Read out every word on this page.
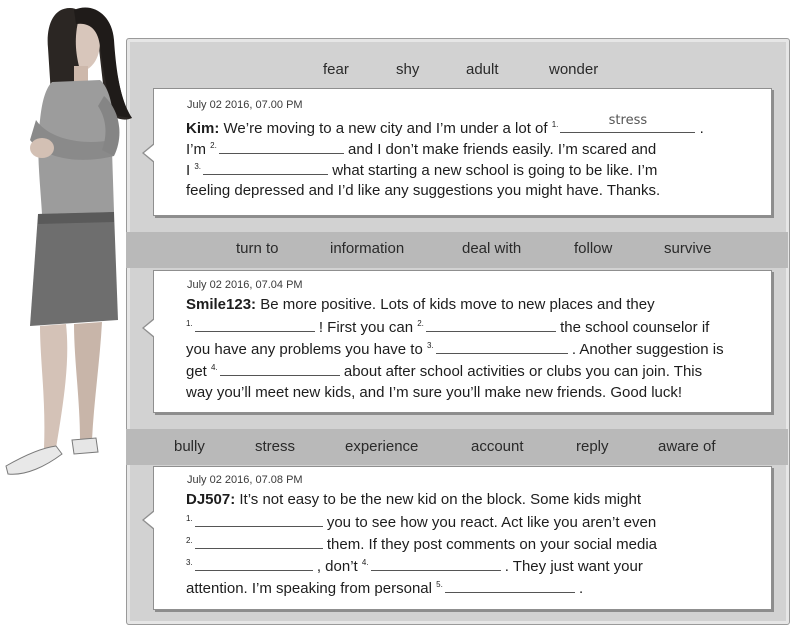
fear	shy	adult	wonder
July 02 2016, 07.00 PM
Kim: We’re moving to a new city and I’m under a lot of $^{1.}$	stress	.
I’m $^{2.}$	and I don’t make friends easily. I’m scared and
I $^{3.}$	what starting a new school is going to be like. I’m
feeling depressed and I’d like any suggestions you might have. Thanks.
turn to	information	deal with	follow	survive
July 02 2016, 07.04 PM
Smile123: Be more positive. Lots of kids move to new places and they
$^{1.}$	! First you can $^{2.}$	the school counselor if
you have any problems you have to $^{3.}$	. Another suggestion is
get $^{4.}$	about after school activities or clubs you can join. This
way you’ll meet new kids, and I’m sure you’ll make new friends. Good luck!
bully	stress	experience	account	reply	aware of
July 02 2016, 07.08 PM
DJ507: It’s not easy to be the new kid on the block. Some kids might
$^{1.}$	you to see how you react. Act like you aren’t even
$^{2.}$	them. If they post comments on your social media
$^{3.}$	, don’t $^{4.}$	. They just want your
attention. I’m speaking from personal $^{5.}$	.
